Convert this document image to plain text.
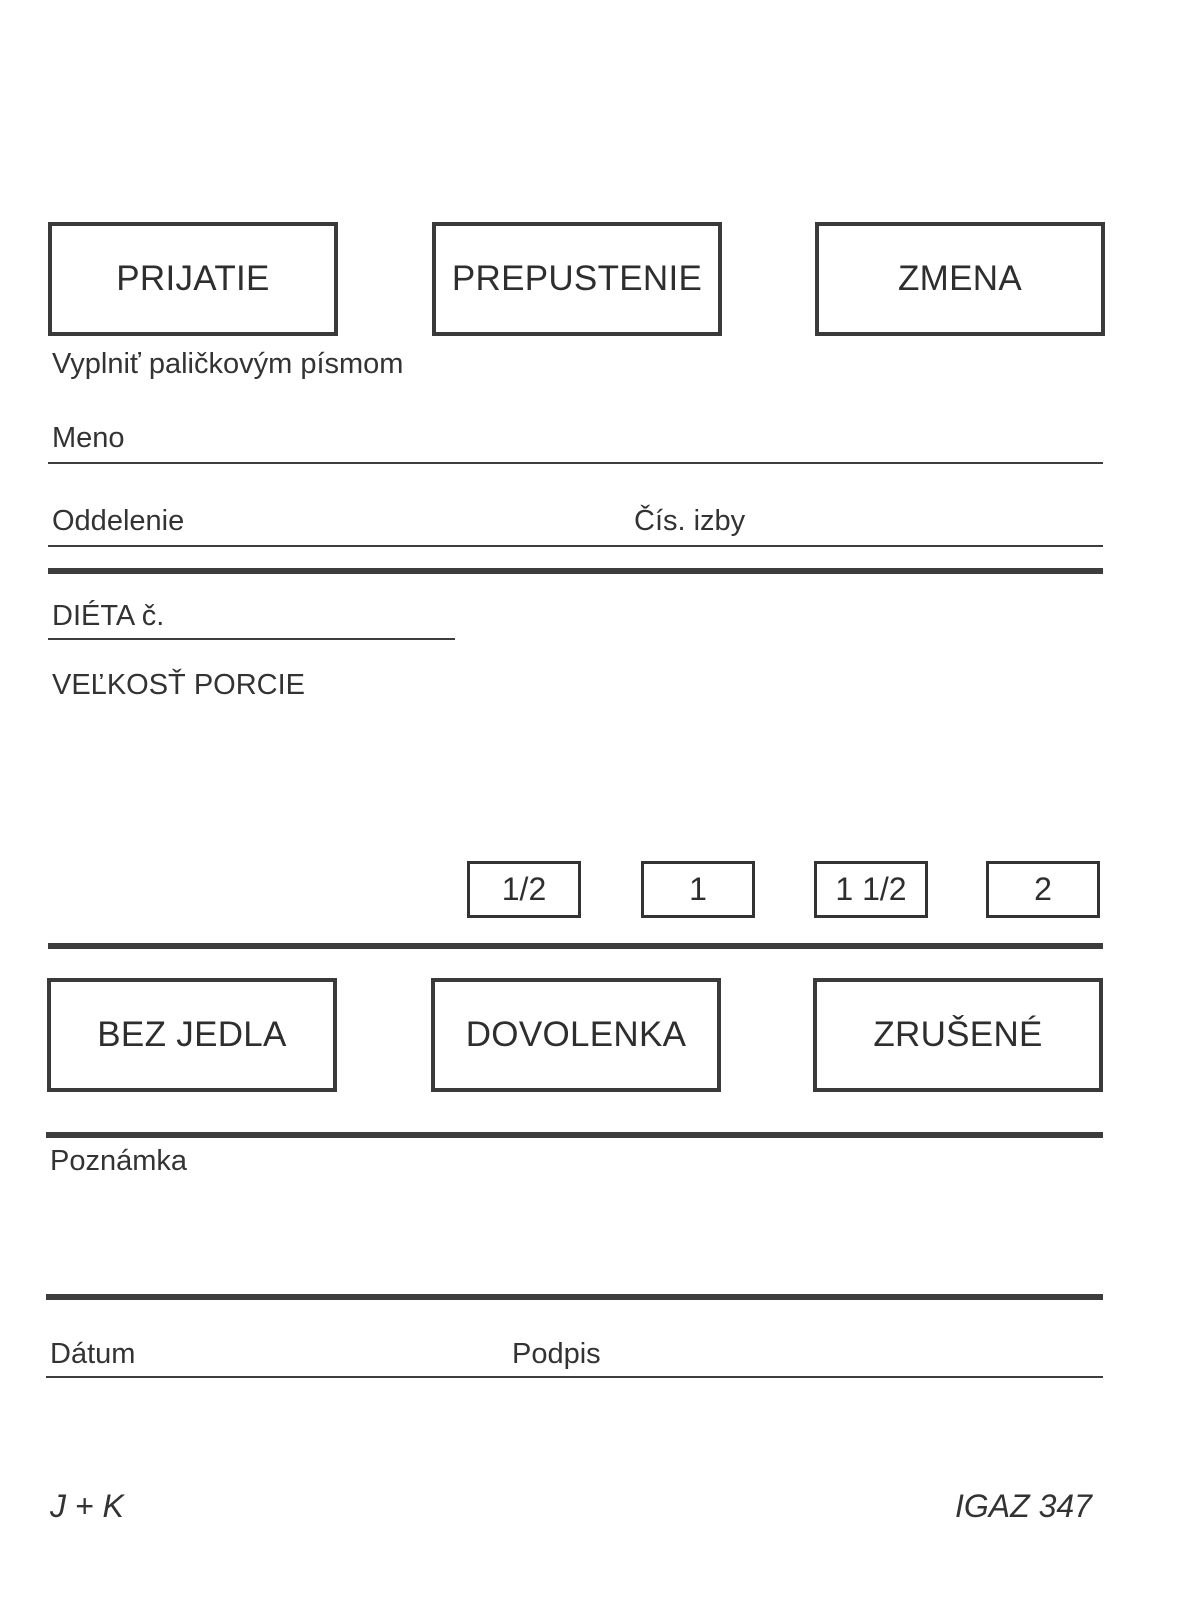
PRIJATIE	PREPUSTENIE	ZMENA
Vyplniť paličkovým písmom
Meno
Oddelenie	Čís. izby
DIÉTA č.
VEĽKOSŤ PORCIE
1/2	1	1 1/2	2
BEZ JEDLA	DOVOLENKA	ZRUŠENÉ
Poznámka
Dátum	Podpis
J + K	IGAZ 347
